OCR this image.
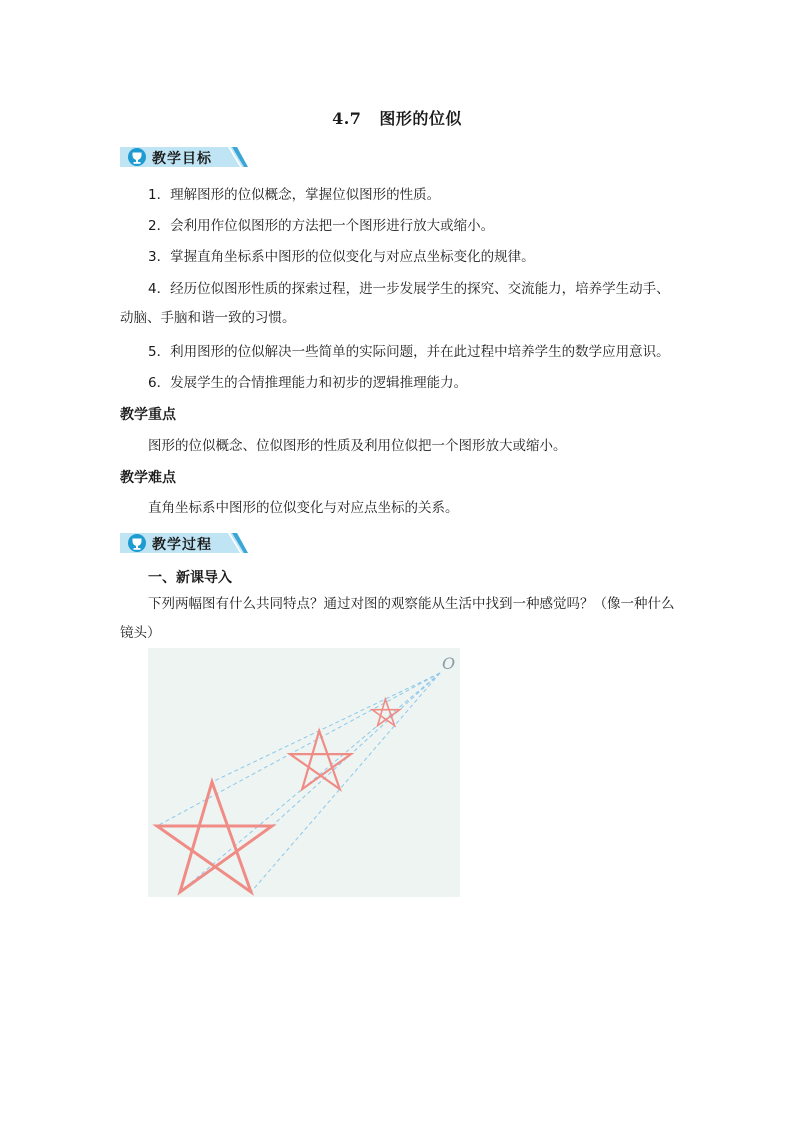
4.7 图形的位似
教学目标
1．理解图形的位似概念，掌握位似图形的性质。
2．会利用作位似图形的方法把一个图形进行放大或缩小。
3．掌握直角坐标系中图形的位似变化与对应点坐标变化的规律。
4．经历位似图形性质的探索过程，进一步发展学生的探究、交流能力，培养学生动手、动脑、手脑和谐一致的习惯。
5．利用图形的位似解决一些简单的实际问题，并在此过程中培养学生的数学应用意识。
6．发展学生的合情推理能力和初步的逻辑推理能力。
教学重点
图形的位似概念、位似图形的性质及利用位似把一个图形放大或缩小。
教学难点
直角坐标系中图形的位似变化与对应点坐标的关系。
教学过程
一、新课导入
下列两幅图有什么共同特点？通过对图的观察能从生活中找到一种感觉吗？（像一种什么镜头）
O
